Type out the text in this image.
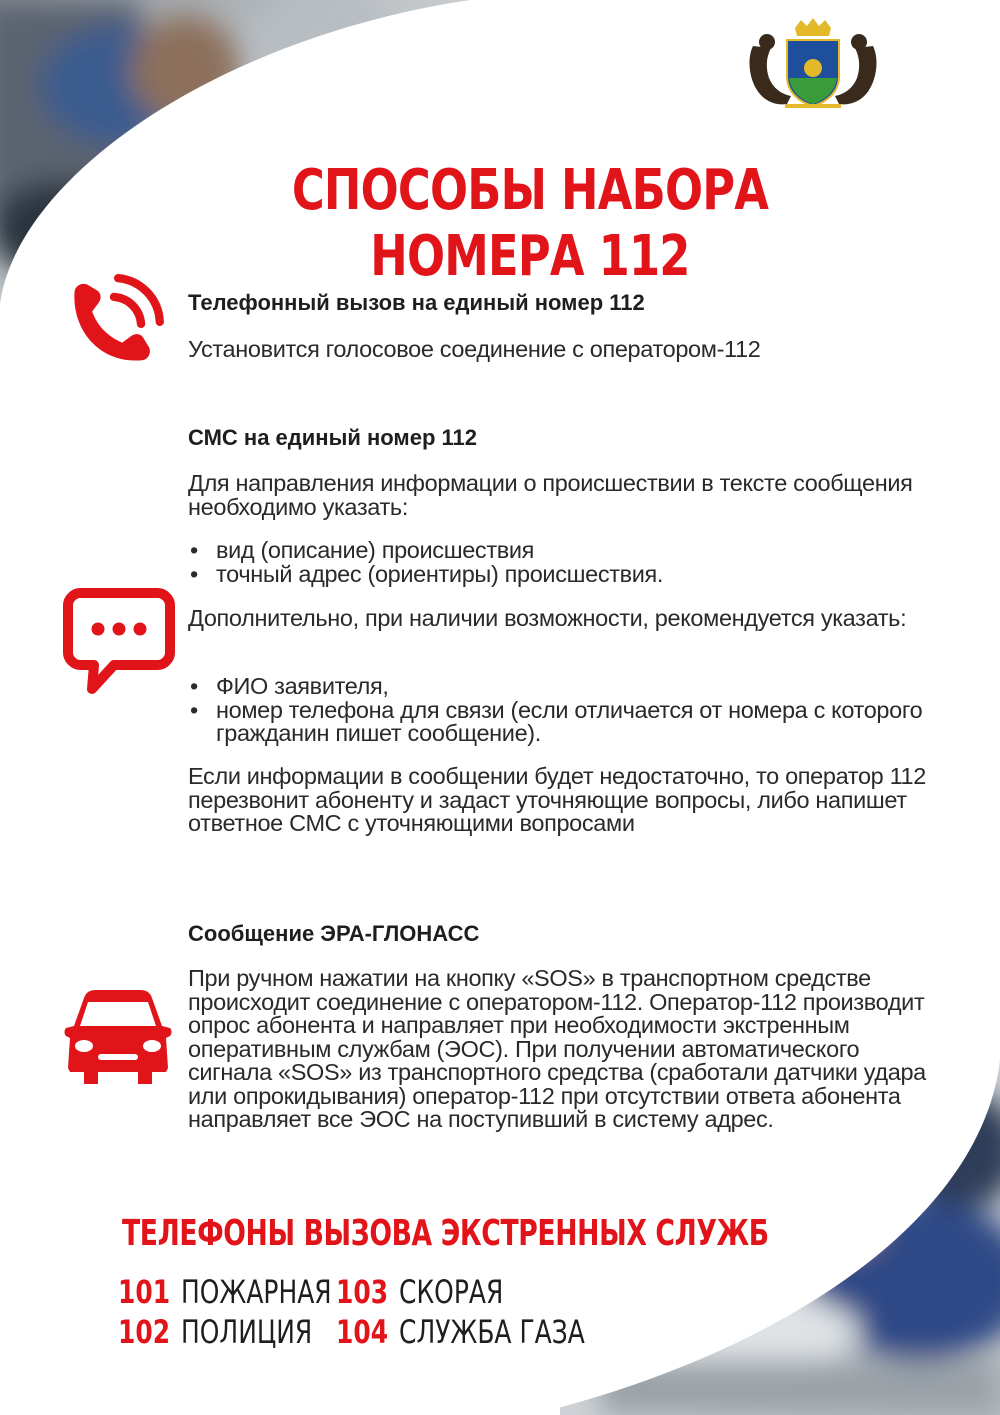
СПОСОБЫ НАБОРА НОМЕРА 112
Телефонный вызов на единый номер 112

Установится голосовое соединение с оператором-112

СМС на единый номер 112

Для направления информации о происшествии в тексте сообщения необходимо указать:

• вид (описание) происшествия
• точный адрес (ориентиры) происшествия.

Дополнительно, при наличии возможности, рекомендуется указать:

• ФИО заявителя,
• номер телефона для связи (если отличается от номера с которого гражданин пишет сообщение).

Если информации в сообщении будет недостаточно, то оператор 112 перезвонит абоненту и задаст уточняющие вопросы, либо напишет ответное СМС с уточняющими вопросами

Сообщение ЭРА-ГЛОНАСС

При ручном нажатии на кнопку «SOS» в транспортном средстве происходит соединение с оператором-112. Оператор-112 производит опрос абонента и направляет при необходимости экстренным оперативным службам (ЭОС). При получении автоматического сигнала «SOS» из транспортного средства (сработали датчики удара или опрокидывания) оператор-112 при отсутствии ответа абонента направляет все ЭОС на поступивший в систему адрес.

ТЕЛЕФОНЫ ВЫЗОВА ЭКСТРЕННЫХ СЛУЖБ
101 ПОЖАРНАЯ
102 ПОЛИЦИЯ
103 СКОРАЯ
104 СЛУЖБА ГАЗА
